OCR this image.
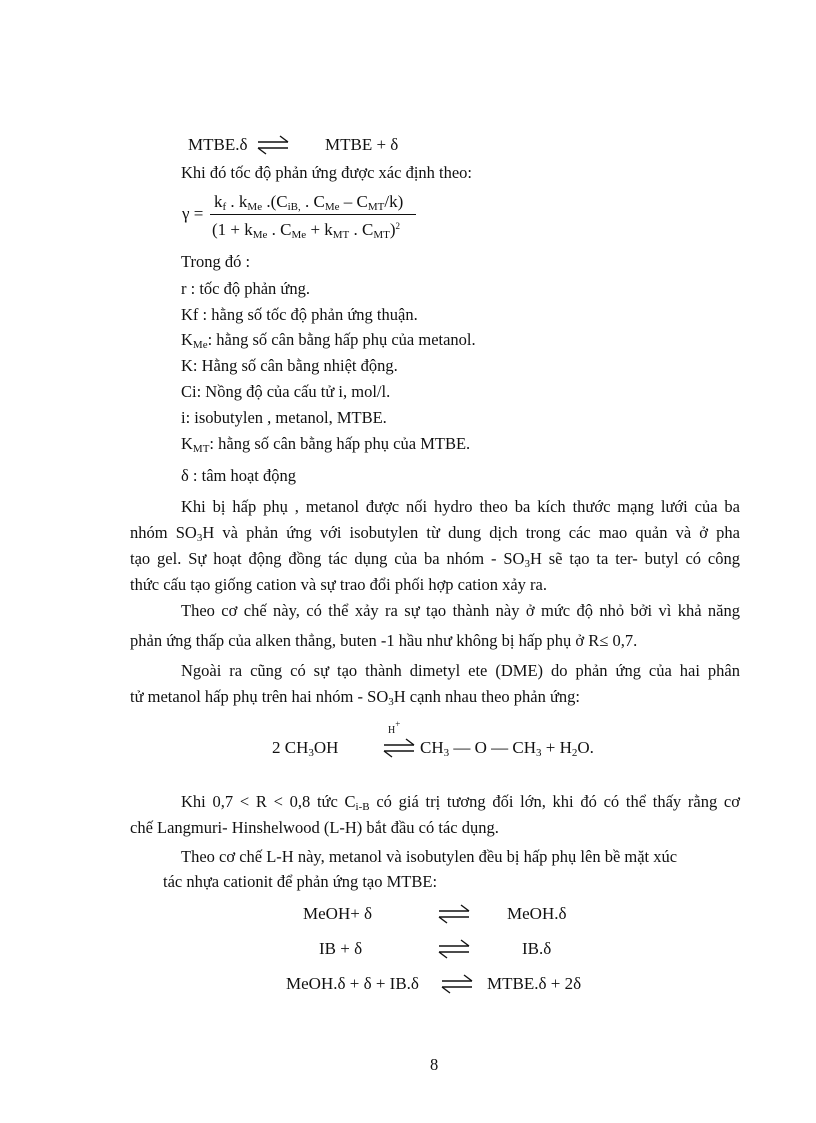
MTBE.δ ⇌ MTBE + δ
Khi đó tốc độ phản ứng được xác định theo:
γ =
$k_f$ . $k_{Me}$ $.(C_{iB,}$ . $C_{Me} - C_{MT}/k$)
($1 + k_{Me}$ . $C_{Me} + k_{MT}$ . $C_{MT})^2$
Trong đó :
r : tốc độ phản ứng.
Kf : hằng số tốc độ phản ứng thuận.
$K_{Me}$: hằng số cân bằng hấp phụ của metanol.
K: Hằng số cân bằng nhiệt động.
Ci: Nồng độ của cấu tử i, mol/l.
i: isobutylen , metanol, MTBE.
$K_{MT}$: hằng số cân bằng hấp phụ của MTBE.
δ : tâm hoạt động
Khi bị hấp phụ , metanol được nối hydro theo ba kích thước mạng lưới của ba
nhóm $SO_3H$ và phản ứng với isobutylen từ dung dịch trong các mao quản và ở pha
tạo gel. Sự hoạt động đồng tác dụng của ba nhóm - $SO_3H$ sẽ tạo ta ter- butyl có công
thức cấu tạo giống cation và sự trao đổi phối hợp cation xảy ra.
Theo cơ chế này, có thể xảy ra sự tạo thành này ở mức độ nhỏ bởi vì khả năng
phản ứng thấp của alken thẳng, buten -1 hầu như không bị hấp phụ ở R≤ 0,7.
Ngoài ra cũng có sự tạo thành dimetyl ete (DME) do phản ứng của hai phân
tử metanol hấp phụ trên hai nhóm - $SO_3H$ cạnh nhau theo phản ứng:
2 $CH_3OH$
H+
⇌ $CH_3$ — O — $CH_3 + H_2O$.
Khi 0,7 < R < 0,8 tức $C_{i-B}$ có giá trị tương đối lớn, khi đó có thể thấy rằng cơ
chế Langmuri- Hinshelwood (L-H) bắt đầu có tác dụng.
Theo cơ chế L-H này, metanol và isobutylen đều bị hấp phụ lên bề mặt xúc
tác nhựa cationit để phản ứng tạo MTBE:
MeOH+ δ	MeOH.δ
IB + δ	IB.δ
MeOH.δ + δ + IB.δ ⇌ MTBE.δ + 2δ
8
